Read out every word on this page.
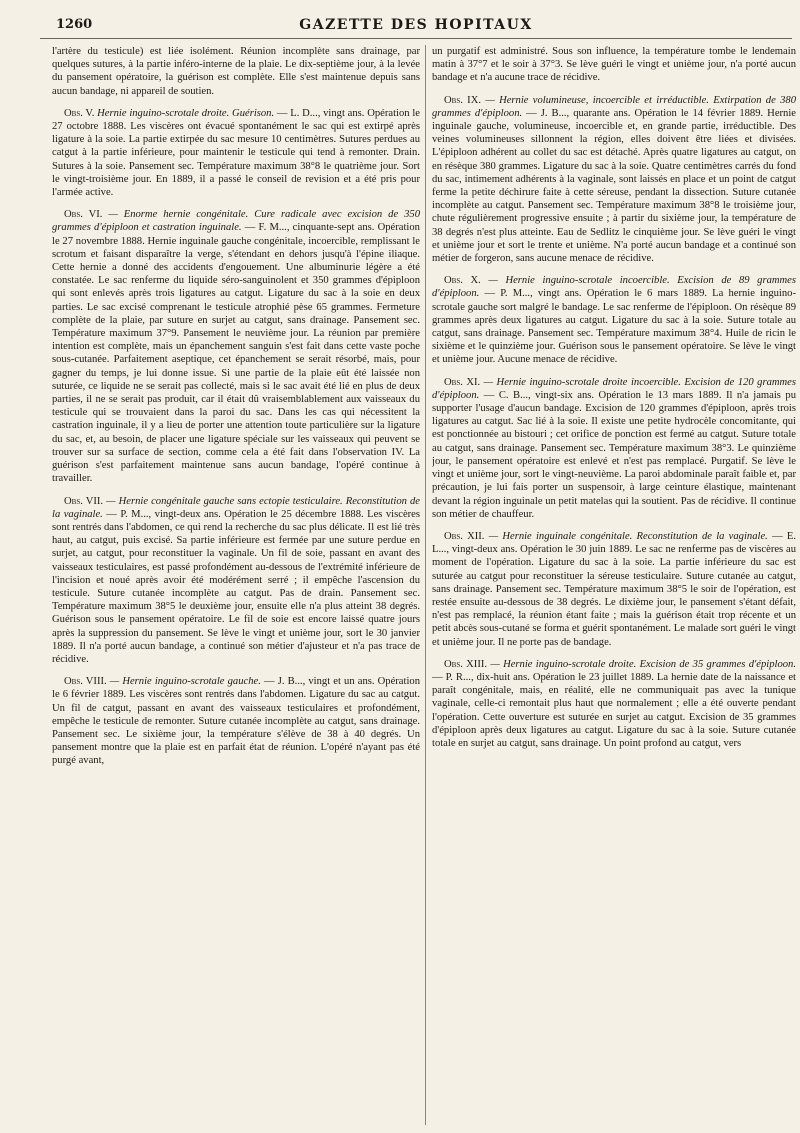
1260	GAZETTE DES HOPITAUX

l'artère du testicule) est liée isolément. Réunion incomplète sans drainage, par quelques sutures, à la partie inféro-interne de la plaie. Le dix-septième jour, à la levée du pansement opératoire, la guérison est complète. Elle s'est maintenue depuis sans aucun bandage, ni appareil de soutien.

Obs. V. Hernie inguino-scrotale droite. Guérison. — L. D..., vingt ans. Opération le 27 octobre 1888. Les viscères ont évacué spontanément le sac qui est extirpé après ligature à la soie. La partie extirpée du sac mesure 10 centimètres. Sutures perdues au catgut à la partie inférieure, pour maintenir le testicule qui tend à remonter. Drain. Sutures à la soie. Pansement sec. Température maximum 38°8 le quatrième jour. Sort le vingt-troisième jour. En 1889, il a passé le conseil de revision et a été pris pour l'armée active.

Obs. VI. — Enorme hernie congénitale. Cure radicale avec excision de 350 grammes d'épiploon et castration inguinale. — F. M..., cinquante-sept ans. Opération le 27 novembre 1888. Hernie inguinale gauche congénitale, incoercible, remplissant le scrotum et faisant disparaître la verge, s'étendant en dehors jusqu'à l'épine iliaque. Cette hernie a donné des accidents d'engouement. Une albuminurie légère a été constatée. Le sac renferme du liquide séro-sanguinolent et 350 grammes d'épiploon qui sont enlevés après trois ligatures au catgut. Ligature du sac à la soie en deux parties. Le sac excisé comprenant le testicule atrophié pèse 65 grammes. Fermeture complète de la plaie, par suture en surjet au catgut, sans drainage. Pansement sec. Température maximum 37°9. Pansement le neuvième jour. La réunion par première intention est complète, mais un épanchement sanguin s'est fait dans cette vaste poche sous-cutanée. Parfaitement aseptique, cet épanchement se serait résorbé, mais, pour gagner du temps, je lui donne issue. Si une partie de la plaie eût été laissée non suturée, ce liquide ne se serait pas collecté, mais si le sac avait été lié en plus de deux parties, il ne se serait pas produit, car il était dû vraisemblablement aux vaisseaux du testicule qui se trouvaient dans la paroi du sac. Dans les cas qui nécessitent la castration inguinale, il y a lieu de porter une attention toute particulière sur la ligature du sac, et, au besoin, de placer une ligature spéciale sur les vaisseaux qui peuvent se trouver sur sa surface de section, comme cela a été fait dans l'observation IV. La guérison s'est parfaitement maintenue sans aucun bandage, l'opéré continue à travailler.

Obs. VII. — Hernie congénitale gauche sans ectopie testiculaire. Reconstitution de la vaginale. — P. M..., vingt-deux ans. Opération le 25 décembre 1888. Les viscères sont rentrés dans l'abdomen, ce qui rend la recherche du sac plus délicate. Il est lié très haut, au catgut, puis excisé. Sa partie inférieure est fermée par une suture perdue en surjet, au catgut, pour reconstituer la vaginale. Un fil de soie, passant en avant des vaisseaux testiculaires, est passé profondément au-dessous de l'extrémité inférieure de l'incision et noué après avoir été modérément serré ; il empêche l'ascension du testicule. Suture cutanée incomplète au catgut. Pas de drain. Pansement sec. Température maximum 38°5 le deuxième jour, ensuite elle n'a plus atteint 38 degrés. Guérison sous le pansement opératoire. Le fil de soie est encore laissé quatre jours après la suppression du pansement. Se lève le vingt et unième jour, sort le 30 janvier 1889. Il n'a porté aucun bandage, a continué son métier d'ajusteur et n'a pas trace de récidive.

Obs. VIII. — Hernie inguino-scrotale gauche. — J. B..., vingt et un ans. Opération le 6 février 1889. Les viscères sont rentrés dans l'abdomen. Ligature du sac au catgut. Un fil de catgut, passant en avant des vaisseaux testiculaires et profondément, empêche le testicule de remonter. Suture cutanée incomplète au catgut, sans drainage. Pansement sec. Le sixième jour, la température s'élève de 38 à 40 degrés. Un pansement montre que la plaie est en parfait état de réunion. L'opéré n'ayant pas été purgé avant,

un purgatif est administré. Sous son influence, la température tombe le lendemain matin à 37°7 et le soir à 37°3. Se lève guéri le vingt et unième jour, n'a porté aucun bandage et n'a aucune trace de récidive.

Obs. IX. — Hernie volumineuse, incoercible et irréductible. Extirpation de 380 grammes d'épiploon. — J. B..., quarante ans. Opération le 14 février 1889. Hernie inguinale gauche, volumineuse, incoercible et, en grande partie, irréductible. Des veines volumineuses sillonnent la région, elles doivent être liées et divisées. L'épiploon adhérent au collet du sac est détaché. Après quatre ligatures au catgut, on en résèque 380 grammes. Ligature du sac à la soie. Quatre centimètres carrés du fond du sac, intimement adhérents à la vaginale, sont laissés en place et un point de catgut ferme la petite déchirure faite à cette séreuse, pendant la dissection. Suture cutanée incomplète au catgut. Pansement sec. Température maximum 38°8 le troisième jour, chute régulièrement progressive ensuite ; à partir du sixième jour, la température de 38 degrés n'est plus atteinte. Eau de Sedlitz le cinquième jour. Se lève guéri le vingt et unième jour et sort le trente et unième. N'a porté aucun bandage et a continué son métier de forgeron, sans aucune menace de récidive.

Obs. X. — Hernie inguino-scrotale incoercible. Excision de 89 grammes d'épiploon. — P. M..., vingt ans. Opération le 6 mars 1889. La hernie inguino-scrotale gauche sort malgré le bandage. Le sac renferme de l'épiploon. On résèque 89 grammes après deux ligatures au catgut. Ligature du sac à la soie. Suture totale au catgut, sans drainage. Pansement sec. Température maximum 38°4. Huile de ricin le sixième et le quinzième jour. Guérison sous le pansement opératoire. Se lève le vingt et unième jour. Aucune menace de récidive.

Obs. XI. — Hernie inguino-scrotale droite incoercible. Excision de 120 grammes d'épiploon. — C. B..., vingt-six ans. Opération le 13 mars 1889. Il n'a jamais pu supporter l'usage d'aucun bandage. Excision de 120 grammes d'épiploon, après trois ligatures au catgut. Sac lié à la soie. Il existe une petite hydrocèle concomitante, qui est ponctionnée au bistouri ; cet orifice de ponction est fermé au catgut. Suture totale au catgut, sans drainage. Pansement sec. Température maximum 38°3. Le quinzième jour, le pansement opératoire est enlevé et n'est pas remplacé. Purgatif. Se lève le vingt et unième jour, sort le vingt-neuvième. La paroi abdominale paraît faible et, par précaution, je lui fais porter un suspensoir, à large ceinture élastique, maintenant devant la région inguinale un petit matelas qui la soutient. Pas de récidive. Il continue son métier de chauffeur.

Obs. XII. — Hernie inguinale congénitale. Reconstitution de la vaginale. — E. L..., vingt-deux ans. Opération le 30 juin 1889. Le sac ne renferme pas de viscères au moment de l'opération. Ligature du sac à la soie. La partie inférieure du sac est suturée au catgut pour reconstituer la séreuse testiculaire. Suture cutanée au catgut, sans drainage. Pansement sec. Température maximum 38°5 le soir de l'opération, est restée ensuite au-dessous de 38 degrés. Le dixième jour, le pansement s'étant défait, n'est pas remplacé, la réunion étant faite ; mais la guérison était trop récente et un petit abcès sous-cutané se forma et guérit spontanément. Le malade sort guéri le vingt et unième jour. Il ne porte pas de bandage.

Obs. XIII. — Hernie inguino-scrotale droite. Excision de 35 grammes d'épiploon. — P. R..., dix-huit ans. Opération le 23 juillet 1889. La hernie date de la naissance et paraît congénitale, mais, en réalité, elle ne communiquait pas avec la tunique vaginale, celle-ci remontait plus haut que normalement ; elle a été ouverte pendant l'opération. Cette ouverture est suturée en surjet au catgut. Excision de 35 grammes d'épiploon après deux ligatures au catgut. Ligature du sac à la soie. Suture cutanée totale en surjet au catgut, sans drainage. Un point profond au catgut, vers
